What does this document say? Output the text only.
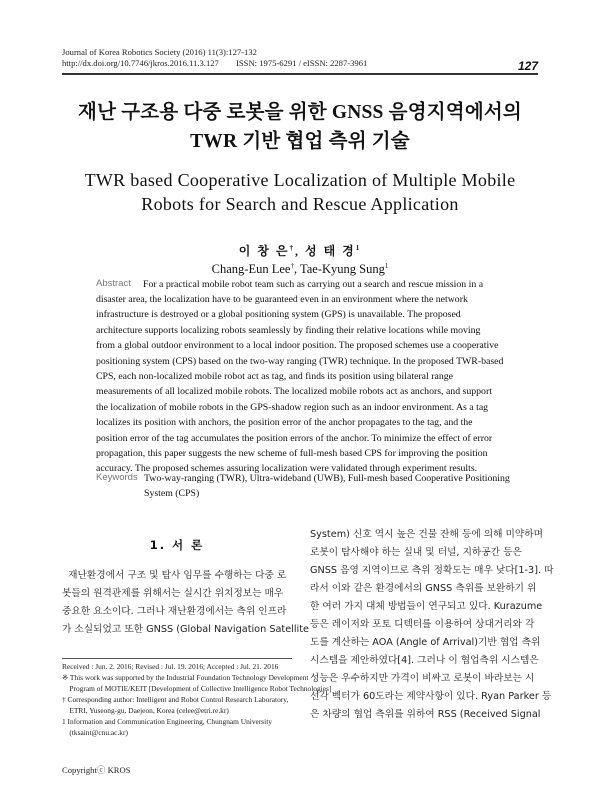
Journal of Korea Robotics Society (2016) 11(3):127-132
http://dx.doi.org/10.7746/jkros.2016.11.3.127        ISSN: 1975-6291 / eISSN: 2287-3961	127
재난 구조용 다중 로봇을 위한 GNSS 음영지역에서의
TWR 기반 협업 측위 기술
TWR based Cooperative Localization of Multiple Mobile
Robots for Search and Rescue Application
이 창 은†, 성 태 경$^1$
Chang-Eun Lee†, Tae-Kyung Sung$^1$
Abstract For a practical mobile robot team such as carrying out a search and rescue mission in a
disaster area, the localization have to be guaranteed even in an environment where the network
infrastructure is destroyed or a global positioning system (GPS) is unavailable. The proposed
architecture supports localizing robots seamlessly by finding their relative locations while moving
from a global outdoor environment to a local indoor position. The proposed schemes use a cooperative
positioning system (CPS) based on the two-way ranging (TWR) technique. In the proposed TWR-based
CPS, each non-localized mobile robot act as tag, and finds its position using bilateral range
measurements of all localized mobile robots. The localized mobile robots act as anchors, and support
the localization of mobile robots in the GPS-shadow region such as an indoor environment. As a tag
localizes its position with anchors, the position error of the anchor propagates to the tag, and the
position error of the tag accumulates the position errors of the anchor. To minimize the effect of error
propagation, this paper suggests the new scheme of full-mesh based CPS for improving the position
accuracy. The proposed schemes assuring localization were validated through experiment results.
Keywords Two-way-ranging (TWR), Ultra-wideband (UWB), Full-mesh based Cooperative Positioning
System (CPS)
1. 서 론
재난환경에서 구조 및 탐사 임무를 수행하는 다중 로
봇들의 원격관제를 위해서는 실시간 위치정보는 매우
중요한 요소이다. 그러나 재난환경에서는 측위 인프라
가 소실되었고 또한 GNSS (Global Navigation Satellite
System) 신호 역시 높은 건물 잔해 등에 의해 미약하며
로봇이 탐사해야 하는 실내 및 터널, 지하공간 등은
GNSS 음영 지역이므로 측위 정확도는 매우 낮다[1-3]. 따
라서 이와 같은 환경에서의 GNSS 측위를 보완하기 위
한 여러 가지 대체 방법들이 연구되고 있다. Kurazume
등은 레이저와 포토 디텍터를 이용하여 상대거리와 각
도를 계산하는 AOA (Angle of Arrival)기반 협업 측위
시스템을 제안하였다[4]. 그러나 이 협업측위 시스템은
성능은 우수하지만 가격이 비싸고 로봇이 바라보는 시
선각 벡터가 60도라는 제약사항이 있다. Ryan Parker 등
은 차량의 협업 측위를 위하여 RSS (Received Signal
Received : Jun. 2. 2016; Revised : Jul. 19. 2016; Accepted : Jul. 21. 2016
※ This work was supported by the Industrial Foundation Technology Development
Program of MOTIE/KEIT [Development of Collective Intelligence Robot Technologies]
† Corresponding author: Intelligent and Robot Control Research Laboratory,
ETRI, Yuseong-gu, Daejeon, Korea (celee@etri.re.kr)
1 Information and Communication Engineering, Chungnam University
(tksaint@cnu.ac.kr)
Copyrightⓒ KROS
